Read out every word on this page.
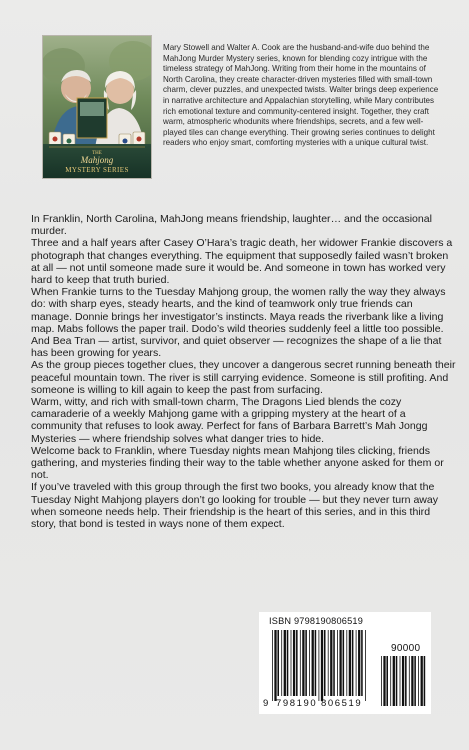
THE
Mahjong
MYSTERY SERIES

Mary Stowell and Walter A. Cook are the husband-and-wife duo behind the MahJong Murder Mystery series, known for blending cozy intrigue with the timeless strategy of MahJong. Writing from their home in the mountains of North Carolina, they create character-driven mysteries filled with small-town charm, clever puzzles, and unexpected twists. Walter brings deep experience in narrative architecture and Appalachian storytelling, while Mary contributes rich emotional texture and community-centered insight. Together, they craft warm, atmospheric whodunits where friendships, secrets, and a few well-played tiles can change everything. Their growing series continues to delight readers who enjoy smart, comforting mysteries with a unique cultural twist.

In Franklin, North Carolina, MahJong means friendship, laughter… and the occasional murder.

Three and a half years after Casey O’Hara’s tragic death, her widower Frankie discovers a photograph that changes everything. The equipment that supposedly failed wasn’t broken at all — not until someone made sure it would be. And someone in town has worked very hard to keep that truth buried.

When Frankie turns to the Tuesday Mahjong group, the women rally the way they always do: with sharp eyes, steady hearts, and the kind of teamwork only true friends can manage. Donnie brings her investigator’s instincts. Maya reads the riverbank like a living map. Mabs follows the paper trail. Dodo’s wild theories suddenly feel a little too possible. And Bea Tran — artist, survivor, and quiet observer — recognizes the shape of a lie that has been growing for years.

As the group pieces together clues, they uncover a dangerous secret running beneath their peaceful mountain town. The river is still carrying evidence. Someone is still profiting. And someone is willing to kill again to keep the past from surfacing.

Warm, witty, and rich with small-town charm, The Dragons Lied blends the cozy camaraderie of a weekly Mahjong game with a gripping mystery at the heart of a community that refuses to look away. Perfect for fans of Barbara Barrett’s Mah Jongg Mysteries — where friendship solves what danger tries to hide.

Welcome back to Franklin, where Tuesday nights mean Mahjong tiles clicking, friends gathering, and mysteries finding their way to the table whether anyone asked for them or not.

If you’ve traveled with this group through the first two books, you already know that the Tuesday Night Mahjong players don’t go looking for trouble — but they never turn away when someone needs help. Their friendship is the heart of this series, and in this third story, that bond is tested in ways none of them expect.

ISBN 9798190806519
90000
9 798190 806519
